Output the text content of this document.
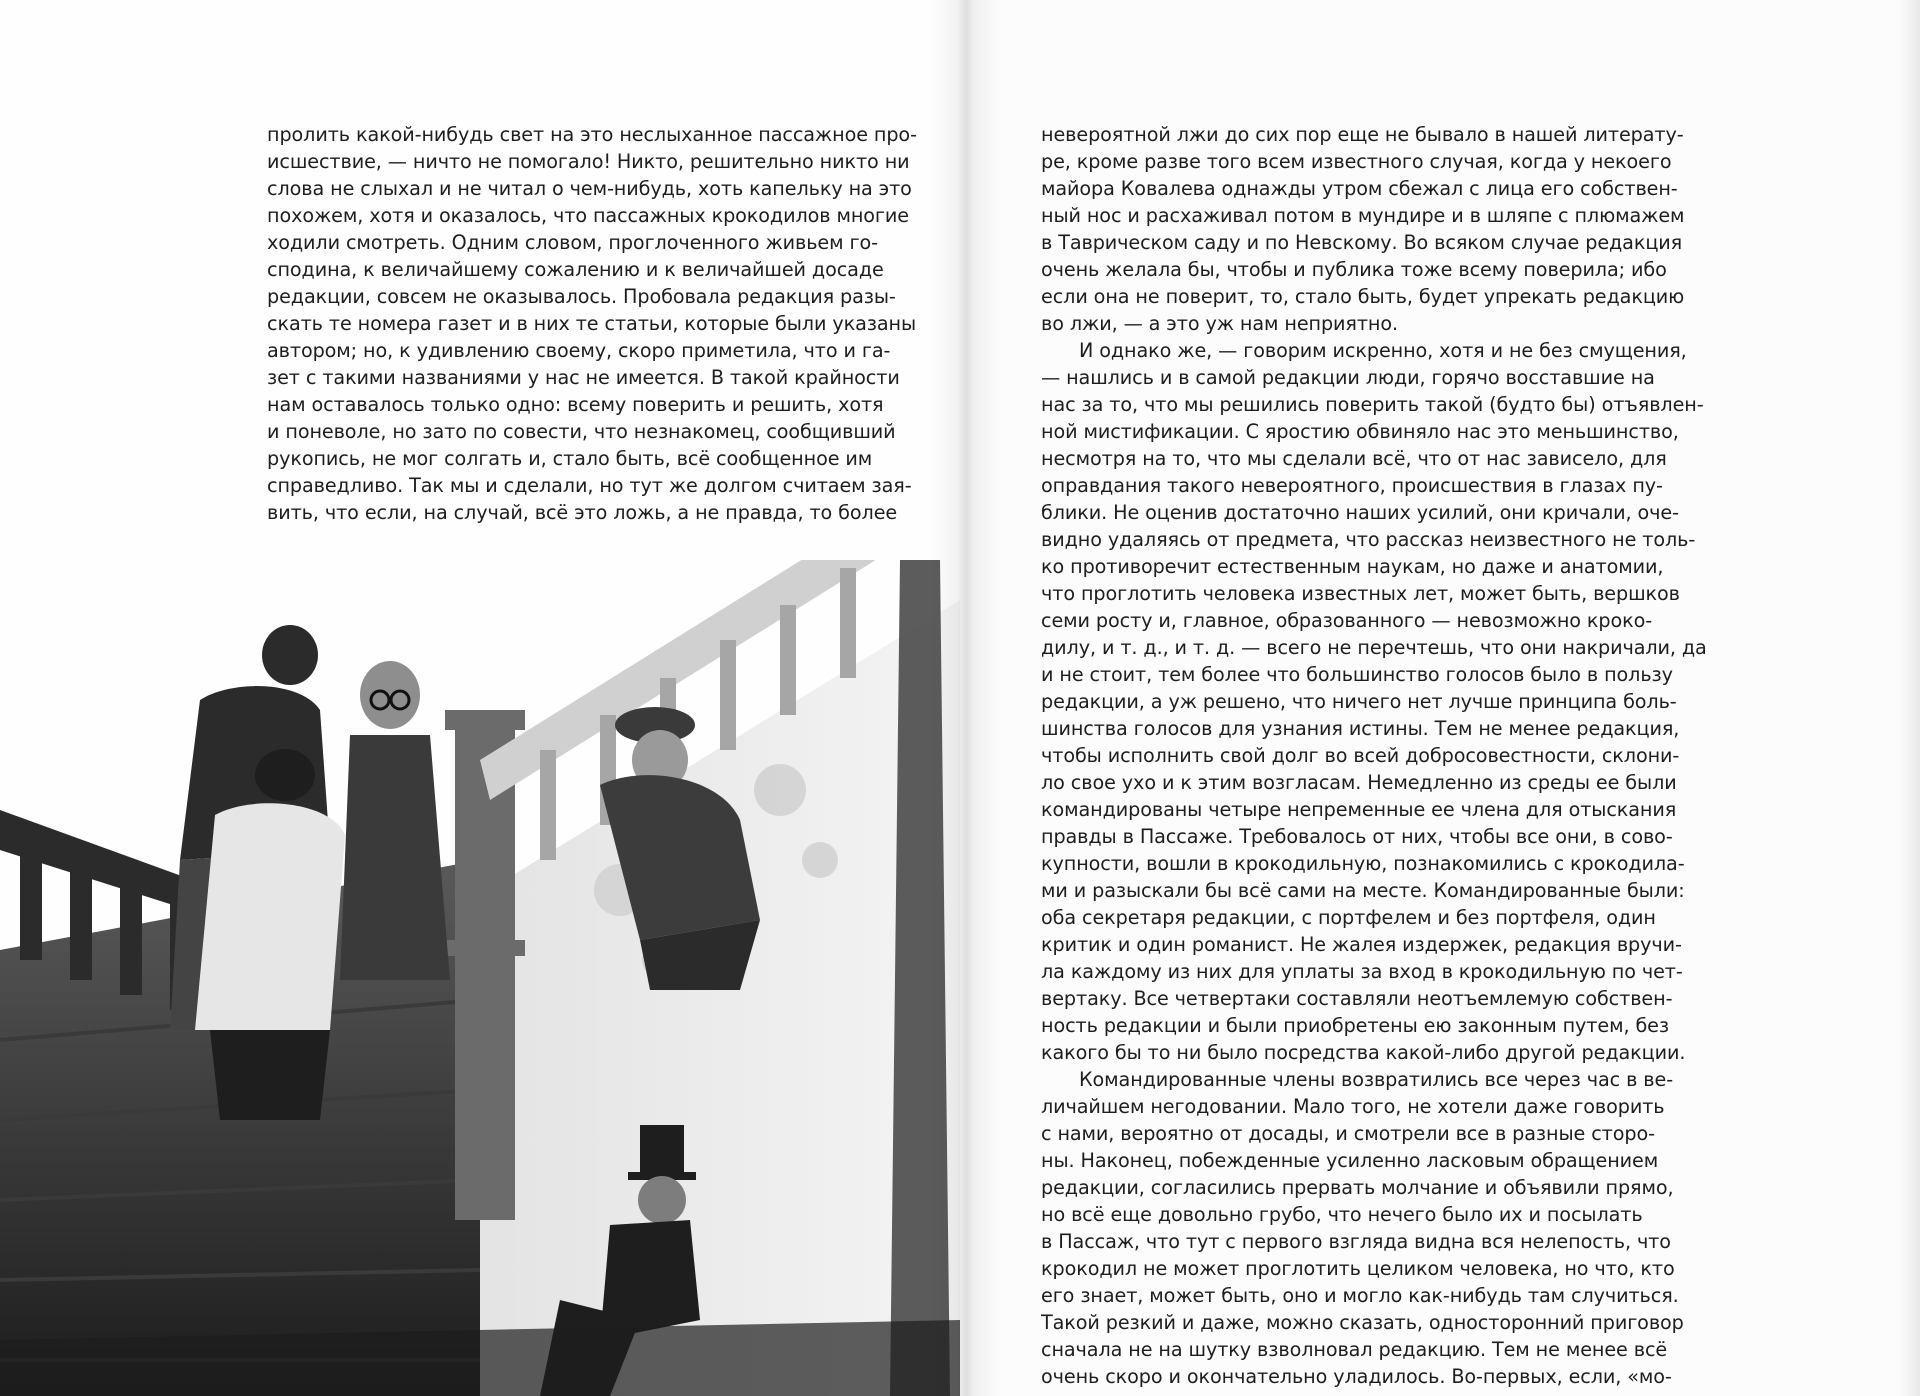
пролить какой-нибудь свет на это неслыханное пассажное про-
исшествие, — ничто не помогало! Никто, решительно никто ни
слова не слыхал и не читал о чем-нибудь, хоть капельку на это
похожем, хотя и оказалось, что пассажных крокодилов многие
ходили смотреть. Одним словом, проглоченного живьем го-
сподина, к величайшему сожалению и к величайшей досаде
редакции, совсем не оказывалось. Пробовала редакция разы-
скать те номера газет и в них те статьи, которые были указаны
автором; но, к удивлению своему, скоро приметила, что и га-
зет с такими названиями у нас не имеется. В такой крайности
нам оставалось только одно: всему поверить и решить, хотя
и поневоле, но зато по совести, что незнакомец, сообщивший
рукопись, не мог солгать и, стало быть, всё сообщенное им
справедливо. Так мы и сделали, но тут же долгом считаем зая-
вить, что если, на случай, всё это ложь, а не правда, то более
невероятной лжи до сих пор еще не бывало в нашей литерату-
ре, кроме разве того всем известного случая, когда у некоего
майора Ковалева однажды утром сбежал с лица его собствен-
ный нос и расхаживал потом в мундире и в шляпе с плюмажем
в Таврическом саду и по Невскому. Во всяком случае редакция
очень желала бы, чтобы и публика тоже всему поверила; ибо
если она не поверит, то, стало быть, будет упрекать редакцию
во лжи, — а это уж нам неприятно.
И однако же, — говорим искренно, хотя и не без смущения,
— нашлись и в самой редакции люди, горячо восставшие на
нас за то, что мы решились поверить такой (будто бы) отъявлен-
ной мистификации. С яростию обвиняло нас это меньшинство,
несмотря на то, что мы сделали всё, что от нас зависело, для
оправдания такого невероятного, происшествия в глазах пу-
блики. Не оценив достаточно наших усилий, они кричали, оче-
видно удаляясь от предмета, что рассказ неизвестного не толь-
ко противоречит естественным наукам, но даже и анатомии,
что проглотить человека известных лет, может быть, вершков
семи росту и, главное, образованного — невозможно кроко-
дилу, и т. д., и т. д. — всего не перечтешь, что они накричали, да
и не стоит, тем более что большинство голосов было в пользу
редакции, а уж решено, что ничего нет лучше принципа боль-
шинства голосов для узнания истины. Тем не менее редакция,
чтобы исполнить свой долг во всей добросовестности, склони-
ло свое ухо и к этим возгласам. Немедленно из среды ее были
командированы четыре непременные ее члена для отыскания
правды в Пассаже. Требовалось от них, чтобы все они, в сово-
купности, вошли в крокодильную, познакомились с крокодила-
ми и разыскали бы всё сами на месте. Командированные были:
оба секретаря редакции, с портфелем и без портфеля, один
критик и один романист. Не жалея издержек, редакция вручи-
ла каждому из них для уплаты за вход в крокодильную по чет-
вертаку. Все четвертаки составляли неотъемлемую собствен-
ность редакции и были приобретены ею законным путем, без
какого бы то ни было посредства какой-либо другой редакции.
Командированные члены возвратились все через час в ве-
личайшем негодовании. Мало того, не хотели даже говорить
с нами, вероятно от досады, и смотрели все в разные сторо-
ны. Наконец, побежденные усиленно ласковым обращением
редакции, согласились прервать молчание и объявили прямо,
но всё еще довольно грубо, что нечего было их и посылать
в Пассаж, что тут с первого взгляда видна вся нелепость, что
крокодил не может проглотить целиком человека, но что, кто
его знает, может быть, оно и могло как-нибудь там случиться.
Такой резкий и даже, можно сказать, односторонний приговор
сначала не на шутку взволновал редакцию. Тем не менее всё
очень скоро и окончательно уладилось. Во-первых, если, «мо-
